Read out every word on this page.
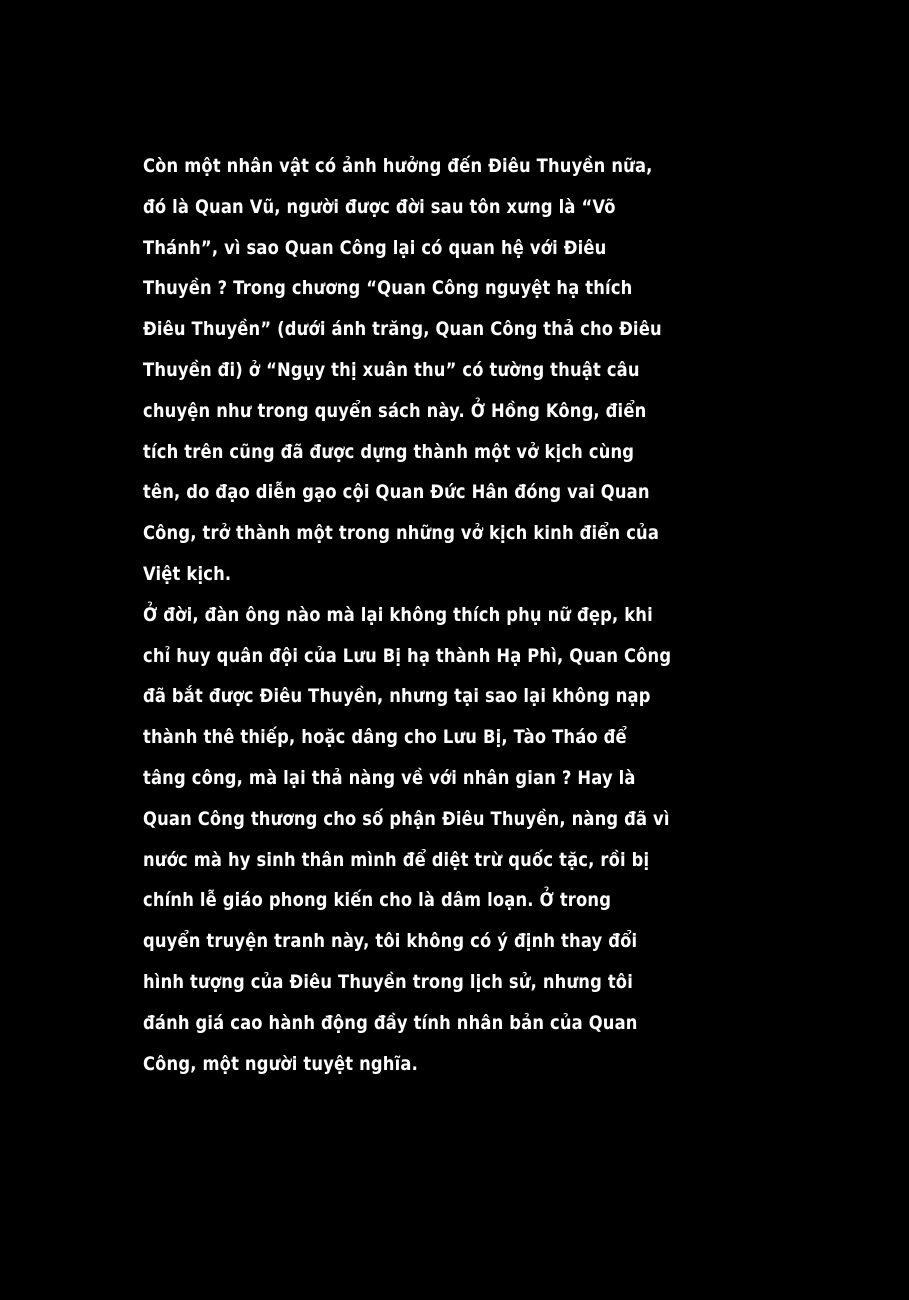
Còn một nhân vật có ảnh hưởng đến Điêu Thuyền nữa,
đó là Quan Vũ, người được đời sau tôn xưng là “Võ
Thánh”, vì sao Quan Công lại có quan hệ với Điêu
Thuyền ? Trong chương “Quan Công nguyệt hạ thích
Điêu Thuyền” (dưới ánh trăng, Quan Công thả cho Điêu
Thuyền đi) ở “Ngụy thị xuân thu” có tường thuật câu
chuyện như trong quyển sách này. Ở Hồng Kông, điển
tích trên cũng đã được dựng thành một vở kịch cùng
tên, do đạo diễn gạo cội Quan Đức Hân đóng vai Quan
Công, trở thành một trong những vở kịch kinh điển của
Việt kịch.
Ở đời, đàn ông nào mà lại không thích phụ nữ đẹp, khi
chỉ huy quân đội của Lưu Bị hạ thành Hạ Phì, Quan Công
đã bắt được Điêu Thuyền, nhưng tại sao lại không nạp
thành thê thiếp, hoặc dâng cho Lưu Bị, Tào Tháo để
tâng công, mà lại thả nàng về với nhân gian ? Hay là
Quan Công thương cho số phận Điêu Thuyền, nàng đã vì
nước mà hy sinh thân mình để diệt trừ quốc tặc, rồi bị
chính lễ giáo phong kiến cho là dâm loạn. Ở trong
quyển truyện tranh này, tôi không có ý định thay đổi
hình tượng của Điêu Thuyền trong lịch sử, nhưng tôi
đánh giá cao hành động đầy tính nhân bản của Quan
Công, một người tuyệt nghĩa.
